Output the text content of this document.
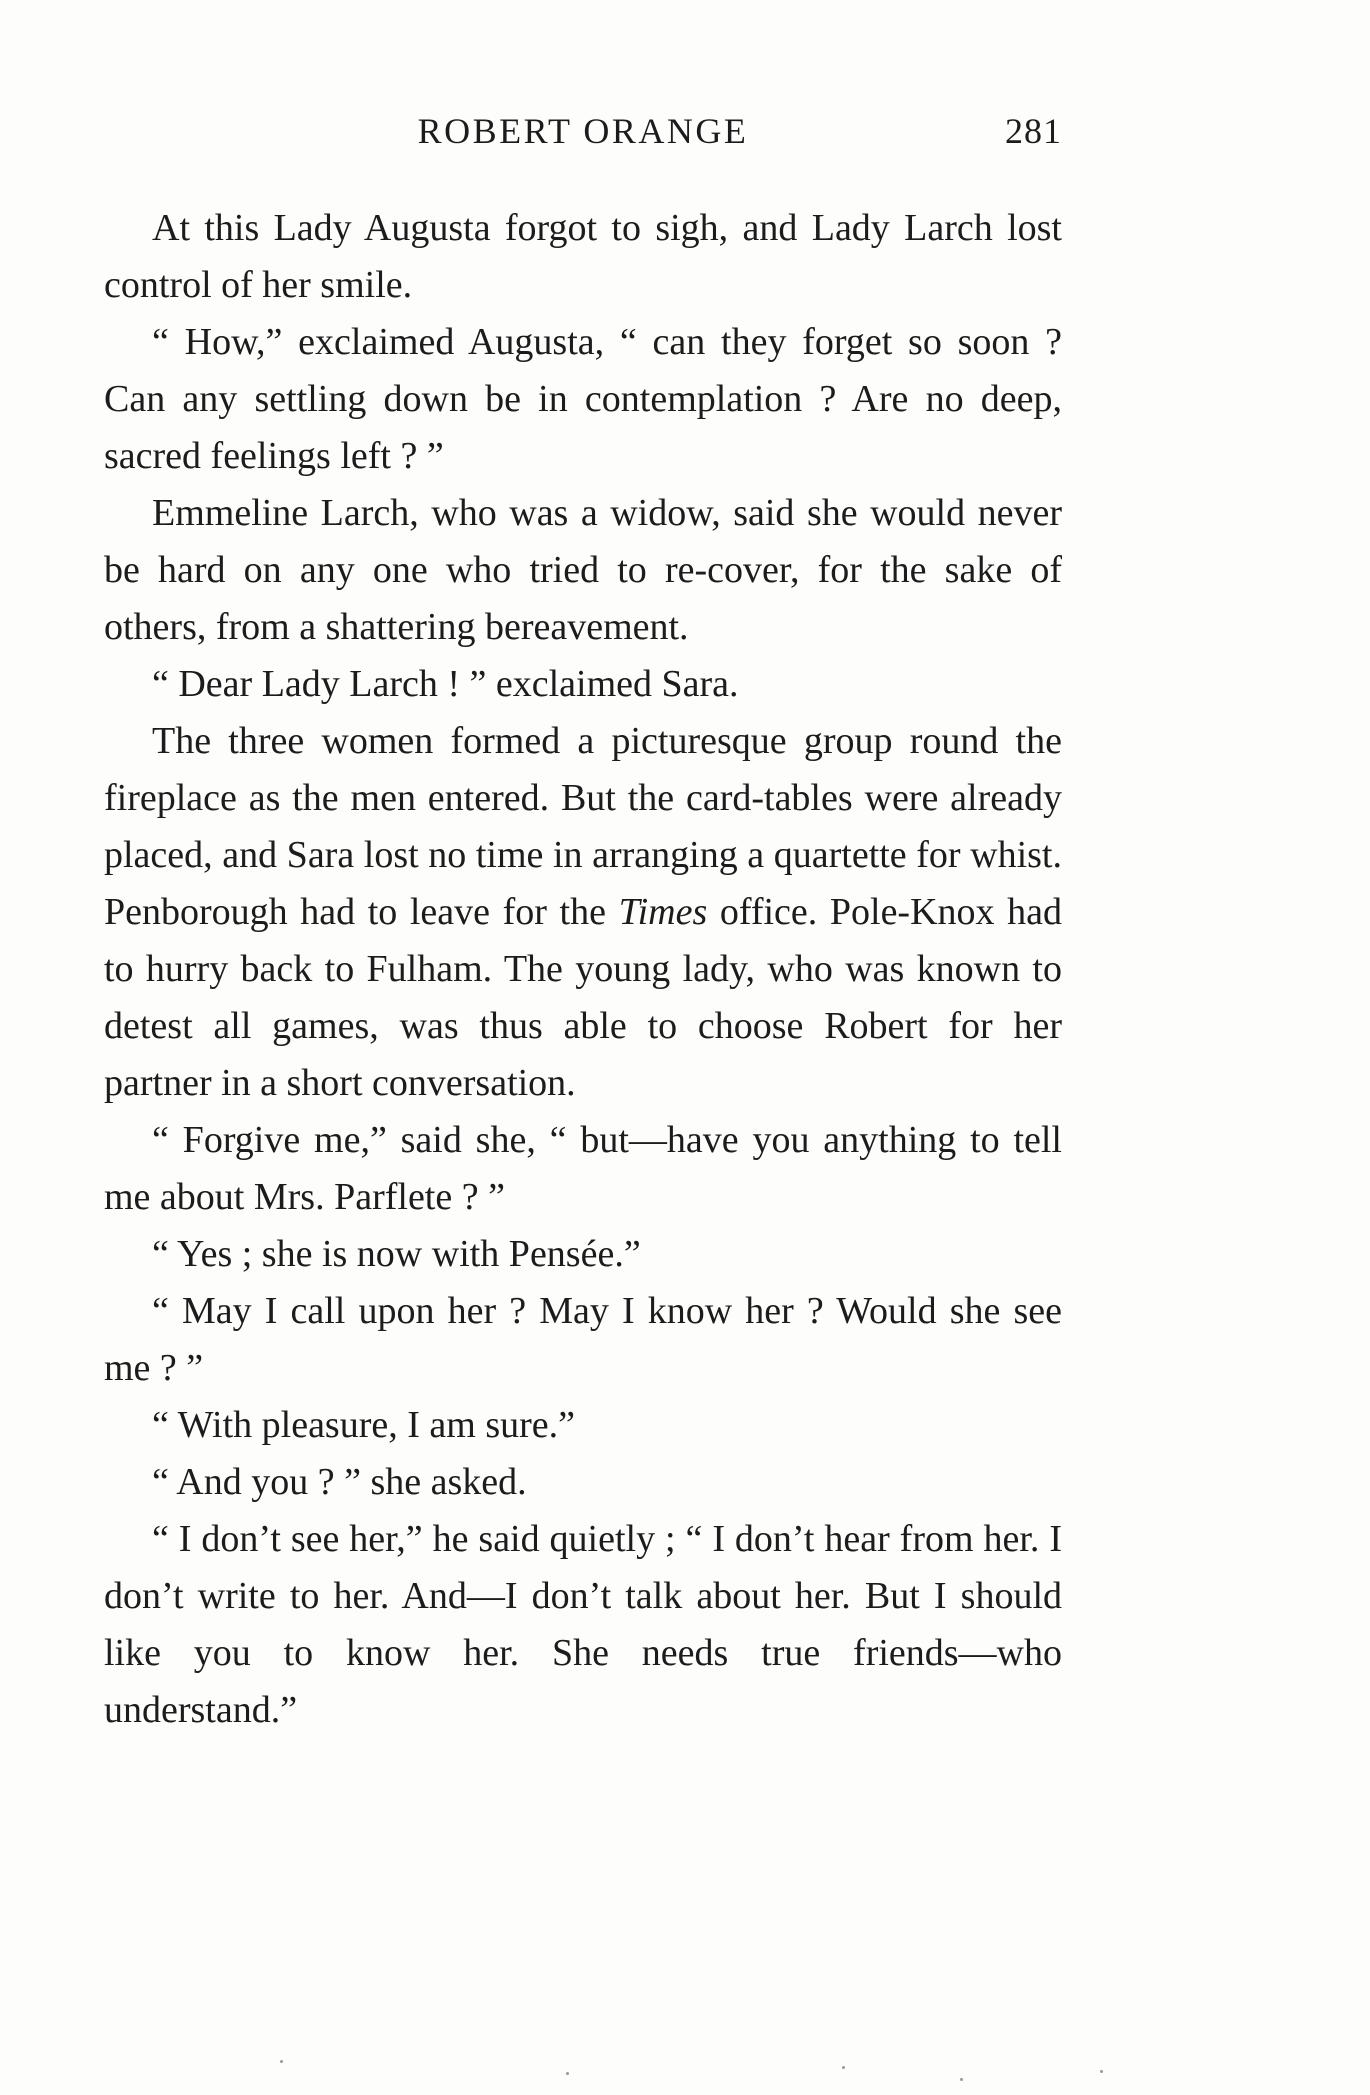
ROBERT ORANGE	281

At this Lady Augusta forgot to sigh, and Lady Larch lost control of her smile.

“ How,” exclaimed Augusta, “ can they forget so soon ? Can any settling down be in contemplation ? Are no deep, sacred feelings left ? ”

Emmeline Larch, who was a widow, said she would never be hard on any one who tried to re-cover, for the sake of others, from a shattering bereavement.

“ Dear Lady Larch ! ” exclaimed Sara.

The three women formed a picturesque group round the fireplace as the men entered. But the card-tables were already placed, and Sara lost no time in arranging a quartette for whist. Penborough had to leave for the Times office. Pole-Knox had to hurry back to Fulham. The young lady, who was known to detest all games, was thus able to choose Robert for her partner in a short conversation.

“ Forgive me,” said she, “ but—have you anything to tell me about Mrs. Parflete ? ”

“ Yes ; she is now with Pensée.”

“ May I call upon her ? May I know her ? Would she see me ? ”

“ With pleasure, I am sure.”

“ And you ? ” she asked.

“ I don’t see her,” he said quietly ; “ I don’t hear from her. I don’t write to her. And—I don’t talk about her. But I should like you to know her. She needs true friends—who understand.”
